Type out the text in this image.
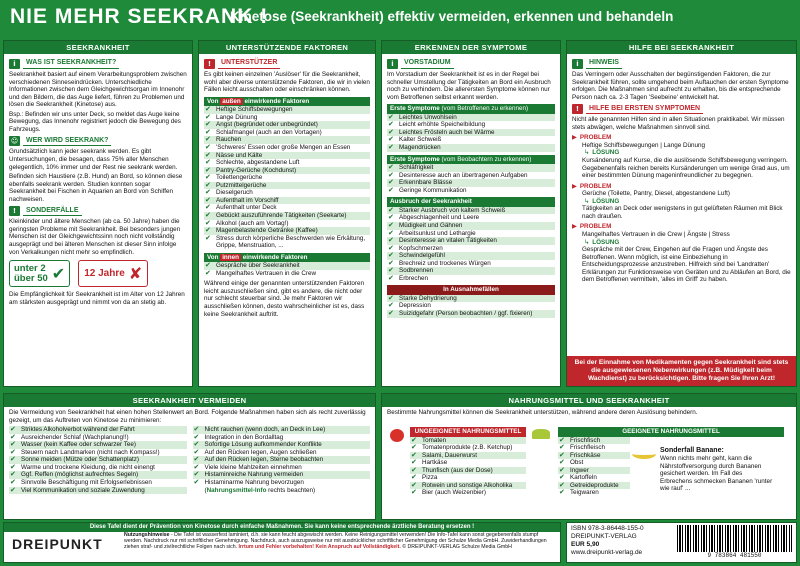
NIE MEHR SEEKRANK !
Kinetose (Seekrankheit) effektiv vermeiden, erkennen und behandeln
SEEKRANKHEIT
i	WAS IST SEEKRANKHEIT?

Seekrankheit basiert auf einem Verarbeitungsproblem zwischen verschiedenen Sinneseindrücken. Unterschiedliche Informationen zwischen dem Gleichgewichtsorgan im Innenohr und den Bildern, die das Auge liefert, führen zu Problemen und lösen die Seekrankheit (Kinetose) aus.

Bsp.: Befinden wir uns unter Deck, so meldet das Auge keine Bewegung, das Innenohr registriert jedoch die Bewegung des Fahrzeugs.

☺	WER WIRD SEEKRANK?

Grundsätzlich kann jeder seekrank werden. Es gibt Untersuchungen, die besagen, dass 75% aller Menschen gelegentlich, 10% immer und der Rest nie seekrank werden.

Befinden sich Haustiere (z.B. Hund) an Bord, so können diese ebenfalls seekrank werden. Studien konnten sogar Seekrankheit bei Fischen in Aquarien an Bord von Schiffen nachweisen.

!	SONDERFÄLLE

Kleinkinder und ältere Menschen (ab ca. 50 Jahre) haben die geringsten Probleme mit Seekrankheit. Bei besonders jungen Menschen ist der Gleichgewichtssinn noch nicht vollständig ausgeprägt und bei älteren Menschen ist dieser Sinn infolge von Verkalkungen nicht mehr so empfindlich.

unter 2
über 50 ✔ 12 Jahre ✘

Die Empfänglichkeit für Seekrankheit ist im Alter von 12 Jahren am stärksten ausgeprägt und nimmt von da an stetig ab.

UNTERSTÜTZENDE FAKTOREN
!	UNTERSTÜTZER

Es gibt keinen einzelnen 'Auslöser' für die Seekrankheit, wohl aber diverse unterstützende Faktoren, die wir in vielen Fällen leicht ausschalten oder einschränken können.

Von außen einwirkende Faktoren
✔ Heftige Schiffsbewegungen
✔ Lange Dünung
✔ Angst (begründet oder unbegründet)
✔ Schlafmangel (auch an den Vortagen)
✔ Rauchen
✔ 'Schweres' Essen oder große Mengen an Essen
✔ Nässe und Kälte
✔ Schlechte, abgestandene Luft
✔ Pantry-Gerüche (Kochdunst)
✔ Toilettengerüche
✔ Putzmittelgerüche
✔ Dieselgeruch
✔ Aufenthalt im Vorschiff
✔ Aufenthalt unter Deck
✔ Gebückt auszuführende Tätigkeiten (Seekarte)
✔ Alkohol (auch am Vortag!)
✔ Magenbelastende Getränke (Kaffee)
✔ Stress durch körperliche Beschwerden wie Erkältung, Grippe, Menstruation, ...
Von innen einwirkende Faktoren
✔ Gespräche über Seekrankheit
✔ Mangelhaftes Vertrauen in die Crew

Während einige der genannten unterstützenden Faktoren leicht auszuschließen sind, gibt es andere, die nicht oder nur schlecht steuerbar sind. Je mehr Faktoren wir ausschließen können, desto wahrscheinlicher ist es, dass keine Seekrankheit auftritt.

ERKENNEN DER SYMPTOME
i	VORSTADIUM

Im Vorstadium der Seekrankheit ist es in der Regel bei schneller Umstellung der Tätigkeiten an Bord ein Ausbruch noch zu verhindern. Die allerersten Symptome können nur vom Betroffenen selbst erkannt werden.

Erste Symptome (vom Betroffenen zu erkennen)
✔ Leichtes Unwohlsein
✔ Leicht erhöhte Speichelbildung
✔ Leichtes Frösteln auch bei Wärme
✔ Kalter Schweiß
✔ Magendrücken
Erste Symptome (vom Beobachtern zu erkennen)
✔ Schläfrigkeit
✔ Desinteresse auch an übertragenen Aufgaben
✔ Erkennbare Blässe
✔ Geringe Kommunikation
Ausbruch der Seekrankheit
✔ Starker Ausbruch von kaltem Schweiß
✔ Abgeschlagenheit und Leere
✔ Müdigkeit und Gähnen
✔ Arbeitsunlust und Lethargie
✔ Desinteresse an vitalen Tätigkeiten
✔ Kopfschmerzen
✔ Schwindelgefühl
✔ Brechreiz und trockenes Würgen
✔ Sodbrennen
✔ Erbrechen
In Ausnahmefällen
✔ Starke Dehydrierung
✔ Depression
✔ Suizidgefahr (Person beobachten / ggf. fixieren)
HILFE BEI SEEKRANKHEIT
i	HINWEIS

Das Verringern oder Ausschalten der begünstigenden Faktoren, die zur Seekrankheit führen, sollte umgehend beim Auftauchen der ersten Symptome erfolgen. Die Maßnahmen sind aufrecht zu erhalten, bis die entsprechende Person nach ca. 2-3 Tagen 'Seebeine' entwickelt hat.

!	HILFE BEI ERSTEN SYMPTOMEN

Nicht alle genannten Hilfen sind in allen Situationen praktikabel. Wir müssen stets abwägen, welche Maßnahmen sinnvoll sind.

▶ PROBLEM
Heftige Schiffsbewegungen | Lange Dünung
↳ LÖSUNG
Kursänderung auf Kurse, die die auslösende Schiffsbewegung verringern. Gegebenenfalls reichen bereits Kursänderungen um wenige Grad aus, um einer bestimmten Dünung mageninfreundlicher zu begegnen.
▶ PROBLEM
Gerüche (Toilette, Pantry, Diesel, abgestandene Luft)
↳ LÖSUNG
Tätigkeiten an Deck oder wenigstens in gut gelüfteten Räumen mit Blick nach draußen.
▶ PROBLEM
Mangelhaftes Vertrauen in die Crew | Ängste | Stress
↳ LÖSUNG
Gespräche mit der Crew, Eingehen auf die Fragen und Ängste des Betroffenen. Wenn möglich, ist eine Einbeziehung in Entscheidungsprozesse anzustreben. Hilfreich sind bei 'Landratten' Erklärungen zur Funktionsweise von Geräten und zu Abläufen an Bord, die dem Betroffenen vermitteln, 'alles im Griff' zu haben.
Bei der Einnahme von Medikamenten gegen Seekrankheit sind stets die ausgewiesenen Nebenwirkungen (z.B. Müdigkeit beim Wachdienst) zu berücksichtigen. Bitte fragen Sie Ihren Arzt!
SEEKRANKHEIT VERMEIDEN

Die Vermeidung von Seekrankheit hat einen hohen Stellenwert an Bord. Folgende Maßnahmen haben sich als recht zuverlässig gezeigt, um das Auftreten von Kinetose zu minimieren:

✔ Striktes Alkoholverbot während der Fahrt
✔ Ausreichender Schlaf (Wachplanung!!)
✔ Wasser (kein Kaffee oder schwarzer Tee)
✔ Steuern nach Landmarken (nicht nach Kompass!)
✔ Sonne meiden (Mütze oder Schattenplatz)
✔ Warme und trockene Kleidung, die nicht einengt
✔ Ggf. Reffen (möglichst aufrechtes Segeln)
✔ Sinnvolle Beschäftigung mit Erfolgserlebnissen
✔ Viel Kommunikation und soziale Zuwendung
✔ Nicht rauchen (wenn doch, an Deck in Lee)
✔ Integration in den Bordalltag
✔ Sofortige Lösung aufkommender Konflikte
✔ Auf den Rücken legen, Augen schließen
✔ Auf den Rücken legen, Sterne beobachten
✔ Viele kleine Mahlzeiten einnehmen
✔ Histaminreiche Nahrung vermeiden
✔ Histaminarme Nahrung bevorzugen
(Nahrungsmittel-Info rechts beachten)
NAHRUNGSMITTEL UND SEEKRANKHEIT

Bestimmte Nahrungsmittel können die Seekrankheit unterstützen, während andere deren Auslösung behindern.

UNGEEIGNETE NAHRUNGSMITTEL
✔ Tomaten
✔ Tomatenprodukte (z.B. Ketchup)
✔ Salami, Dauerwurst
✔ Hartkäse
✔ Thunfisch (aus der Dose)
✔ Pizza
✔ Rotwein und sonstige Alkoholika
✔ Bier (auch Weizenbier)
GEEIGNETE NAHRUNGSMITTEL
✔ Frischfisch
✔ Frischfleisch
✔ Frischkäse
✔ Obst
✔ Ingwer
✔ Kartoffeln
✔ Getreideprodukte
✔ Teigwaren
Sonderfall Banane:
Wenn nichts mehr geht, kann die Nährstoffversorgung durch Bananen gesichert werden. Im Fall des Erbrechens schmecken Bananen 'runter wie rauf' ...
Diese Tafel dient der Prävention von Kinetose durch einfache Maßnahmen. Sie kann keine entsprechende ärztliche Beratung ersetzen !
DREIPUNKT
Nutzungshinweise - Die Tafel ist wasserfest laminiert, d.h. sie kann feucht abgewischt werden. Keine Reinigungsmittel verwenden! Die Info-Tafel kann sonst gegebenenfalls stumpf werden. Nachdruck nur mit schriftlicher Genehmigung. Nachdruck, auch auszugsweise nur mit ausdrücklicher schriftlicher Genehmigung der Schulze Media GmbH. Zuwiderhandlungen ziehen straf- und zivilrechtliche Folgen nach sich. Irrtum und Fehler vorbehalten! Kein Anspruch auf Vollständigkeit. © DREIPUNKT-VERLAG Schulze Media GmbH
ISBN 978-3-86448-155-0
DREIPUNKT-VERLAG
EUR 5,90
www.dreipunkt-verlag.de	9 783864 481550
